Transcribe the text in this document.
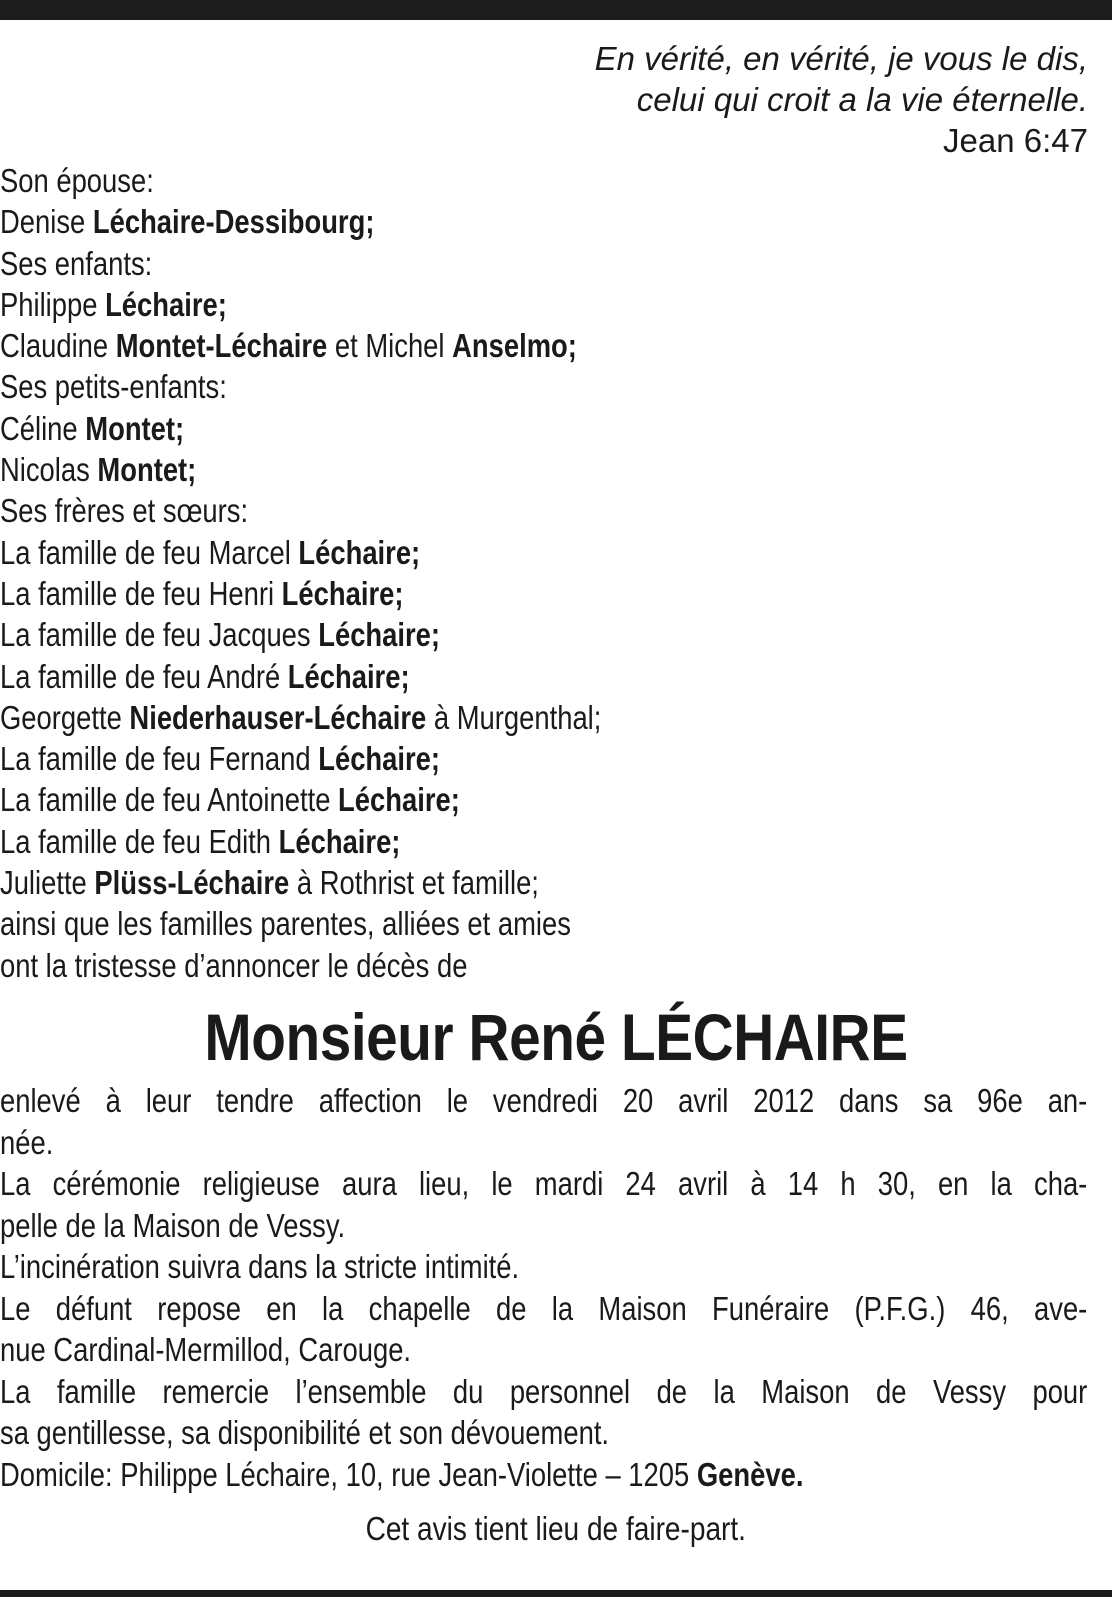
En vérité, en vérité, je vous le dis,
celui qui croit a la vie éternelle.
Jean 6:47
Son épouse:
Denise Léchaire-Dessibourg;
Ses enfants:
Philippe Léchaire;
Claudine Montet-Léchaire et Michel Anselmo;
Ses petits-enfants:
Céline Montet;
Nicolas Montet;
Ses frères et sœurs:
La famille de feu Marcel Léchaire;
La famille de feu Henri Léchaire;
La famille de feu Jacques Léchaire;
La famille de feu André Léchaire;
Georgette Niederhauser-Léchaire à Murgenthal;
La famille de feu Fernand Léchaire;
La famille de feu Antoinette Léchaire;
La famille de feu Edith Léchaire;
Juliette Plüss-Léchaire à Rothrist et famille;
ainsi que les familles parentes, alliées et amies
ont la tristesse d’annoncer le décès de
Monsieur René LÉCHAIRE
enlevé à leur tendre affection le vendredi 20 avril 2012 dans sa 96e an-
née.
La cérémonie religieuse aura lieu, le mardi 24 avril à 14 h 30, en la cha-
pelle de la Maison de Vessy.
L’incinération suivra dans la stricte intimité.
Le défunt repose en la chapelle de la Maison Funéraire (P.F.G.) 46, ave-
nue Cardinal-Mermillod, Carouge.
La famille remercie l’ensemble du personnel de la Maison de Vessy pour
sa gentillesse, sa disponibilité et son dévouement.
Domicile: Philippe Léchaire, 10, rue Jean-Violette – 1205 Genève.
Cet avis tient lieu de faire-part.
